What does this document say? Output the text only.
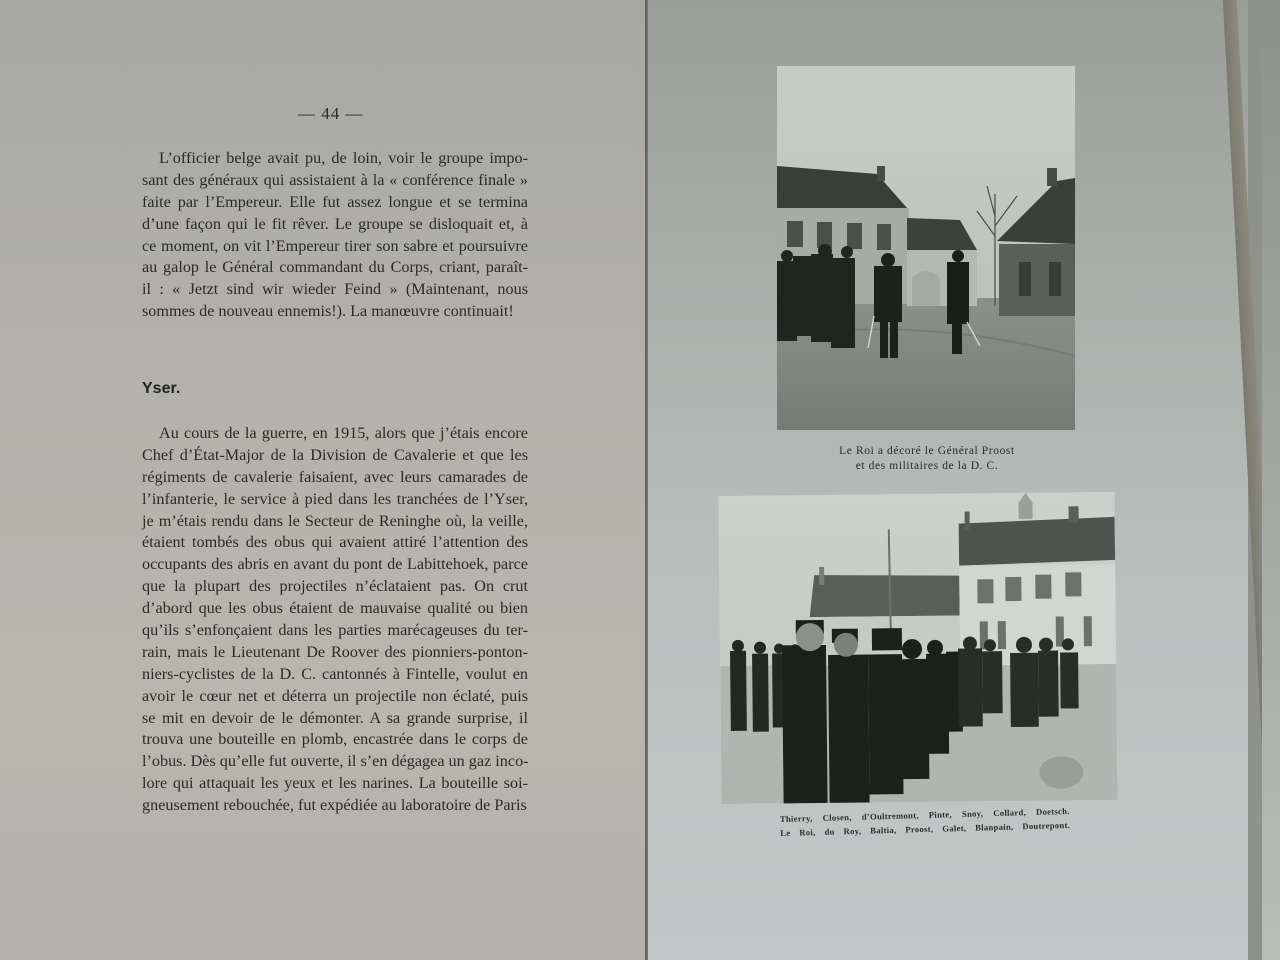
— 44 —
L’officier belge avait pu, de loin, voir le groupe impo-
sant des généraux qui assistaient à la « conférence finale »
faite par l’Empereur. Elle fut assez longue et se termina
d’une façon qui le fit rêver. Le groupe se disloquait et, à
ce moment, on vit l’Empereur tirer son sabre et poursuivre
au galop le Général commandant du Corps, criant, paraît-
il : « Jetzt sind wir wieder Feind » (Maintenant, nous
sommes de nouveau ennemis!). La manœuvre continuait!
Yser.
Au cours de la guerre, en 1915, alors que j’étais encore
Chef d’État-Major de la Division de Cavalerie et que les
régiments de cavalerie faisaient, avec leurs camarades de
l’infanterie, le service à pied dans les tranchées de l’Yser,
je m’étais rendu dans le Secteur de Reninghe où, la veille,
étaient tombés des obus qui avaient attiré l’attention des
occupants des abris en avant du pont de Labittehoek, parce
que la plupart des projectiles n’éclataient pas. On crut
d’abord que les obus étaient de mauvaise qualité ou bien
qu’ils s’enfonçaient dans les parties marécageuses du ter-
rain, mais le Lieutenant De Roover des pionniers-ponton-
niers-cyclistes de la D. C. cantonnés à Fintelle, voulut en
avoir le cœur net et déterra un projectile non éclaté, puis
se mit en devoir de le démonter. A sa grande surprise, il
trouva une bouteille en plomb, encastrée dans le corps de
l’obus. Dès qu’elle fut ouverte, il s’en dégagea un gaz inco-
lore qui attaquait les yeux et les narines. La bouteille soi-
gneusement rebouchée, fut expédiée au laboratoire de Paris
Le Roi a décoré le Général Proost
et des militaires de la D. C.
Thierry, Closen, d’Oultremont, Pinte, Snoy, Collard, Doetsch.
Le Roi, du Roy, Baltia, Proost, Galet, Blanpain, Doutrepont.
